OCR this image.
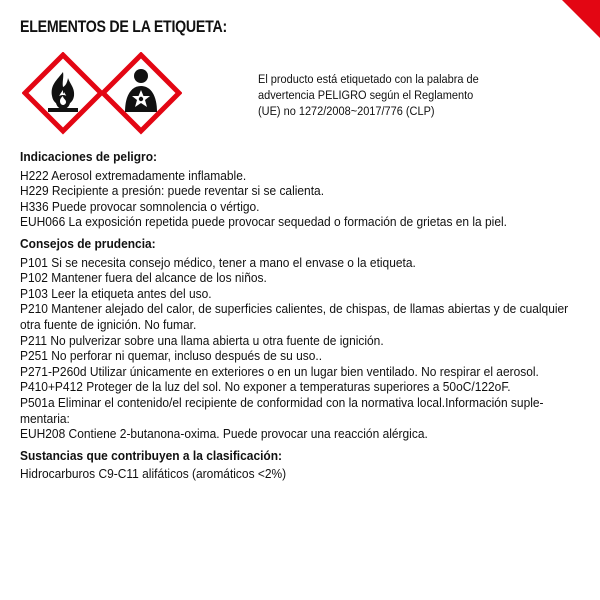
ELEMENTOS DE LA ETIQUETA:
El producto está etiquetado con la palabra de
advertencia PELIGRO según el Reglamento
(UE) no 1272/2008~2017/776 (CLP)
Indicaciones de peligro:
H222 Aerosol extremadamente inflamable.
H229 Recipiente a presión: puede reventar si se calienta.
H336 Puede provocar somnolencia o vértigo.
EUH066 La exposición repetida puede provocar sequedad o formación de grietas en la piel.
Consejos de prudencia:
P101 Si se necesita consejo médico, tener a mano el envase o la etiqueta.
P102 Mantener fuera del alcance de los niños.
P103 Leer la etiqueta antes del uso.
P210 Mantener alejado del calor, de superficies calientes, de chispas, de llamas abiertas y de cualquier
otra fuente de ignición. No fumar.
P211 No pulverizar sobre una llama abierta u otra fuente de ignición.
P251 No perforar ni quemar, incluso después de su uso..
P271-P260d Utilizar únicamente en exteriores o en un lugar bien ventilado. No respirar el aerosol.
P410+P412 Proteger de la luz del sol. No exponer a temperaturas superiores a 50oC/122oF.
P501a Eliminar el contenido/el recipiente de conformidad con la normativa local.Información suple-
mentaria:
EUH208 Contiene 2-butanona-oxima. Puede provocar una reacción alérgica.
Sustancias que contribuyen a la clasificación:
Hidrocarburos C9-C11 alifáticos (aromáticos <2%)
